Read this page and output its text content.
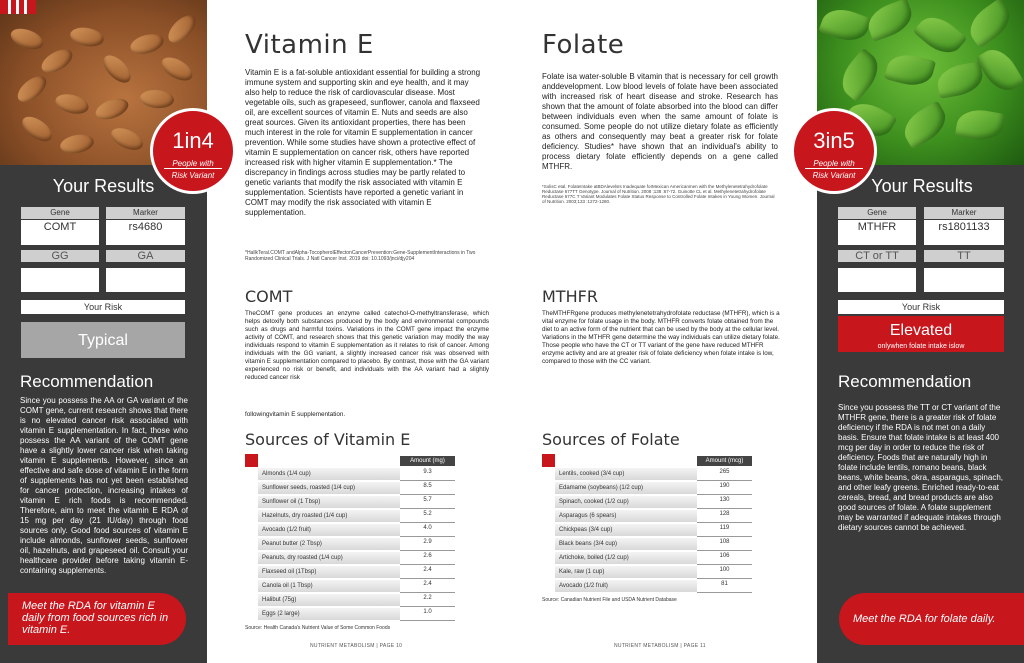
1in4
People with
Risk Variant
Your Results
Gene	Marker
COMT	rs4680
Risk Variant	Your Variant
GG	GA
Your Risk
Typical
Recommendation
Since you possess the AA or GA variant of the COMT gene, current research shows that there is no elevated cancer risk associated with vitamin E supplementation. In fact, those who possess the AA variant of the COMT gene have a slightly lower cancer risk when taking vitamin E supplements. However, since an effective and safe dose of vitamin E in the form of supplements has not yet been established for cancer protection, increasing intakes of vitamin E rich foods is recommended. Therefore, aim to meet the vitamin E RDA of 15 mg per day (21 IU/day) through food sources only. Good food sources of vitamin E include almonds, sunflower seeds, sunflower oil, hazelnuts, and grapeseed oil. Consult your healthcare provider before taking vitamin E-containing supplements.
Meet the RDA for vitamin E daily from food sources rich in vitamin E.
Vitamin E
Vitamin E is a fat-soluble antioxidant essential for building a strong immune system and supporting skin and eye health, and it may also help to reduce the risk of cardiovascular disease. Most vegetable oils, such as grapeseed, sunflower, canola and flaxseed oil, are excellent sources of vitamin E. Nuts and seeds are also great sources. Given its antioxidant properties, there has been much interest in the role for vitamin E supplementation in cancer prevention. While some studies have shown a protective effect of vitamin E supplementation on cancer risk, others have reported increased risk with higher vitamin E supplementation.* The discrepancy in findings across studies may be partly related to genetic variants that modify the risk associated with vitamin E supplementation. Scientists have reported a genetic variant in COMT may modify the risk associated with vitamin E supplementation.
*HallkTeral.COMT andAlpha-TocopherolEffectonCancerPrevention:Gene-SupplementInteractions in Two Randomized Clinical Trials. J Natl Cancer Inst. 2019 doi: 10.1093/jnci/djy204
COMT
TheCOMT gene produces an enzyme called catechol-O-methyltransferase, which helps detoxify both substances produced by the body and environmental compounds such as drugs and harmful toxins. Variations in the COMT gene impact the enzyme activity of COMT, and research shows that this genetic variation may modify the way individuals respond to vitamin E supplementation as it relates to risk of cancer. Among individuals with the GG variant, a slightly increased cancer risk was observed with vitamin E supplementation compared to placebo. By contrast, those with the GA variant experienced no risk or benefit, and individuals with the AA variant had a slightly reduced cancer risk
followingvitamin E supplementation.
Sources of Vitamin E
Amount (mg)
Almonds (1/4 cup)	9.3
Sunflower seeds, roasted (1/4 cup)	8.5
Sunflower oil (1 Tbsp)	5.7
Hazelnuts, dry roasted (1/4 cup)	5.2
Avocado (1/2 fruit)	4.0
Peanut butter (2 Tbsp)	2.9
Peanuts, dry roasted (1/4 cup)	2.6
Flaxseed oil (1Tbsp)	2.4
Canola oil (1 Tbsp)	2.4
Halibut (75g)	2.2
Eggs (2 large)	1.0
Source: Health Canada's Nutrient Value of Some Common Foods
NUTRIENT METABOLISM | PAGE 10
Folate
Folate isa water-soluble B vitamin that is necessary for cell growth anddevelopment. Low blood levels of folate have been associated with increased risk of heart disease and stroke. Research has shown that the amount of folate absorbed into the blood can differ between individuals even when the same amount of folate is consumed. Some people do not utilize dietary folate as efficiently as others and consequently may beat a greater risk for folate deficiency. Studies* have shown that an individual's ability to process dietary folate efficiently depends on a gene called MTHFR.
*SolisC etal. FolateIntake atBDAlevelsIs Inadequate forMexican Americanmen with the Methylenetetrahydrofolate Reductase 677TT Genotype. Journal of Nutrition. 2008 ;138 :67-72. Guinotte CL et al. Methylenetetrahydrofolate Reductase 677C T Variant Modulates Folate Status Response to Controlled Folate Intakes in Young Women. Journal of Nutrition. 2003;133 :1272-1280.
MTHFR
TheMTHFRgene produces methylenetetrahydrofolate reductase (MTHFR), which is a vital enzyme for folate usage in the body. MTHFR converts folate obtained from the diet to an active form of the nutrient that can be used by the body at the cellular level. Variations in the MTHFR gene determine the way individuals can utilize dietary folate. Those people who have the CT or TT variant of the gene have reduced MTHFR enzyme activity and are at greater risk of folate deficiency when folate intake is low, compared to those with the CC variant.
Sources of Folate
Amount (mcg)
Lentils, cooked (3/4 cup)	265
Edamame (soybeans) (1/2 cup)	190
Spinach, cooked (1/2 cup)	130
Asparagus (6 spears)	128
Chickpeas (3/4 cup)	119
Black beans (3/4 cup)	108
Artichoke, boiled (1/2 cup)	106
Kale, raw (1 cup)	100
Avocado (1/2 fruit)	81
Source: Canadian Nutrient File and USDA Nutrient Database
NUTRIENT METABOLISM | PAGE 11
3in5
People with
Risk Variant
Your Results
Gene	Marker
MTHFR	rs1801133
Risk Variant	Your Variant
CT or TT	TT
Your Risk
Elevated
onlywhen folate intake islow
Recommendation
Since you possess the TT or CT variant of the MTHFR gene, there is a greater risk of folate deficiency if the RDA is not met on a daily basis. Ensure that folate intake is at least 400 mcg per day in order to reduce the risk of deficiency. Foods that are naturally high in folate include lentils, romano beans, black beans, white beans, okra, asparagus, spinach, and other leafy greens. Enriched ready-to-eat cereals, bread, and bread products are also good sources of folate. A folate supplement may be warranted if adequate intakes through dietary sources cannot be achieved.
Meet the RDA for folate daily.
